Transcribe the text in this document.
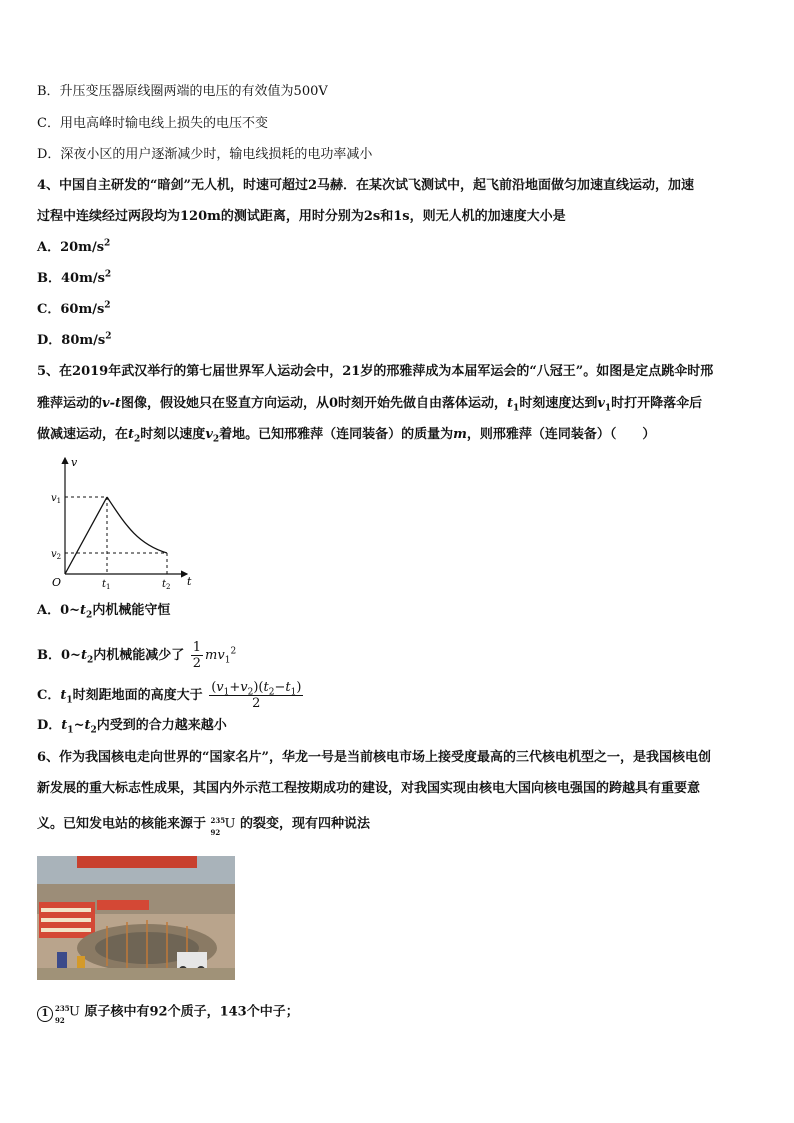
B．升压变压器原线圈两端的电压的有效值为500V
C．用电高峰时输电线上损失的电压不变
D．深夜小区的用户逐渐减少时，输电线损耗的电功率减小
4、中国自主研发的“暗剑”无人机，时速可超过2马赫．在某次试飞测试中，起飞前沿地面做匀加速直线运动，加速
过程中连续经过两段均为120m的测试距离，用时分别为2s和1s，则无人机的加速度大小是
A．$20m/s^2$
B．$40m/s^2$
C．$60m/s^2$
D．$80m/s^2$
5、在2019年武汉举行的第七届世界军人运动会中，21岁的邢雅萍成为本届军运会的“八冠王”。如图是定点跳伞时邢
雅萍运动的v-t图像，假设她只在竖直方向运动，从0时刻开始先做自由落体运动，$t_1$时刻速度达到$v_1$时打开降落伞后
做减速运动，在$t_2$时刻以速度$v_2$着地。已知邢雅萍（连同装备）的质量为m，则邢雅萍（连同装备）（　　）
v
t
O
$v_1$
$v_2$
$t_1$	$t_2$
A．$0\sim t_2$内机械能守恒
B．$0\sim t_2$内机械能减少了 $\frac{1}{2} mv_1^2$
C．$t_1$时刻距地面的高度大于 $\frac{(v_1+v_2)(t_2-t_1)}{2}$
D．$t_1\sim t_2$内受到的合力越来越小
6、作为我国核电走向世界的“国家名片”，华龙一号是当前核电市场上接受度最高的三代核电机型之一，是我国核电创
新发展的重大标志性成果，其国内外示范工程按期成功的建设，对我国实现由核电大国向核电强国的跨越具有重要意
义。已知发电站的核能来源于 235
92
U 的裂变，现有四种说法
1 235
92
U 原子核中有92个质子，143个中子；
